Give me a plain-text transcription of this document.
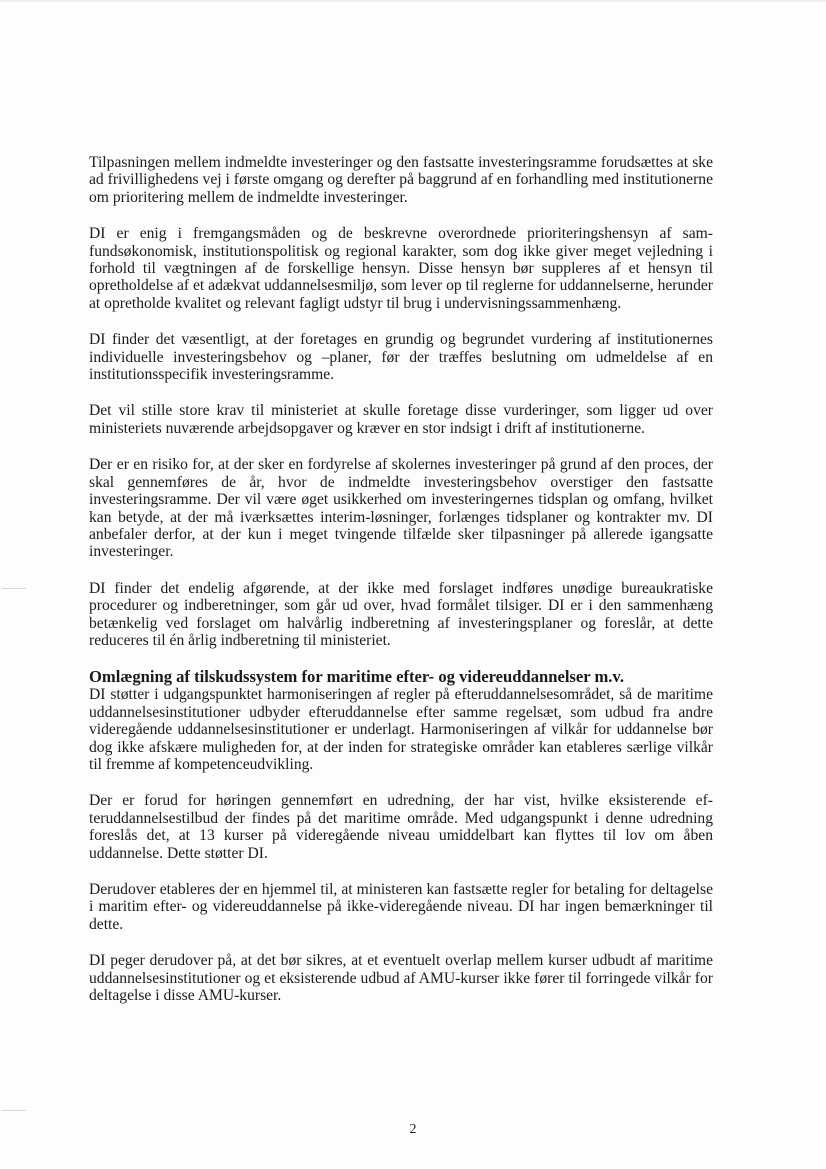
Tilpasningen mellem indmeldte investeringer og den fastsatte investeringsramme forudsættes at ske ad frivillighedens vej i første omgang og derefter på baggrund af en forhandling med institutionerne om prioritering mellem de indmeldte investeringer.

DI er enig i fremgangsmåden og de beskrevne overordnede prioriteringshensyn af samfundsøkonomisk, institutionspolitisk og regional karakter, som dog ikke giver meget vejledning i forhold til vægtningen af de forskellige hensyn. Disse hensyn bør suppleres af et hensyn til opretholdelse af et adækvat uddannelsesmiljø, som lever op til reglerne for uddannelserne, herunder at opretholde kvalitet og relevant fagligt udstyr til brug i undervisningssammenhæng.

DI finder det væsentligt, at der foretages en grundig og begrundet vurdering af institutionernes individuelle investeringsbehov og –planer, før der træffes beslutning om udmeldelse af en institutionsspecifik investeringsramme.

Det vil stille store krav til ministeriet at skulle foretage disse vurderinger, som ligger ud over ministeriets nuværende arbejdsopgaver og kræver en stor indsigt i drift af institutionerne.

Der er en risiko for, at der sker en fordyrelse af skolernes investeringer på grund af den proces, der skal gennemføres de år, hvor de indmeldte investeringsbehov overstiger den fastsatte investeringsramme. Der vil være øget usikkerhed om investeringernes tidsplan og omfang, hvilket kan betyde, at der må iværksættes interim-løsninger, forlænges tidsplaner og kontrakter mv. DI anbefaler derfor, at der kun i meget tvingende tilfælde sker tilpasninger på allerede igangsatte investeringer.

DI finder det endelig afgørende, at der ikke med forslaget indføres unødige bureaukratiske procedurer og indberetninger, som går ud over, hvad formålet tilsiger. DI er i den sammenhæng betænkelig ved forslaget om halvårlig indberetning af investeringsplaner og foreslår, at dette reduceres til én årlig indberetning til ministeriet.

Omlægning af tilskudssystem for maritime efter- og videreuddannelser m.v.

DI støtter i udgangspunktet harmoniseringen af regler på efteruddannelsesområdet, så de maritime uddannelsesinstitutioner udbyder efteruddannelse efter samme regelsæt, som udbud fra andre videregående uddannelsesinstitutioner er underlagt. Harmoniseringen af vilkår for uddannelse bør dog ikke afskære muligheden for, at der inden for strategiske områder kan etableres særlige vilkår til fremme af kompetenceudvikling.

Der er forud for høringen gennemført en udredning, der har vist, hvilke eksisterende efteruddannelsestilbud der findes på det maritime område. Med udgangspunkt i denne udredning foreslås det, at 13 kurser på videregående niveau umiddelbart kan flyttes til lov om åben uddannelse. Dette støtter DI.

Derudover etableres der en hjemmel til, at ministeren kan fastsætte regler for betaling for deltagelse i maritim efter- og videreuddannelse på ikke-videregående niveau. DI har ingen bemærkninger til dette.

DI peger derudover på, at det bør sikres, at et eventuelt overlap mellem kurser udbudt af maritime uddannelsesinstitutioner og et eksisterende udbud af AMU-kurser ikke fører til forringede vilkår for deltagelse i disse AMU-kurser.

2
